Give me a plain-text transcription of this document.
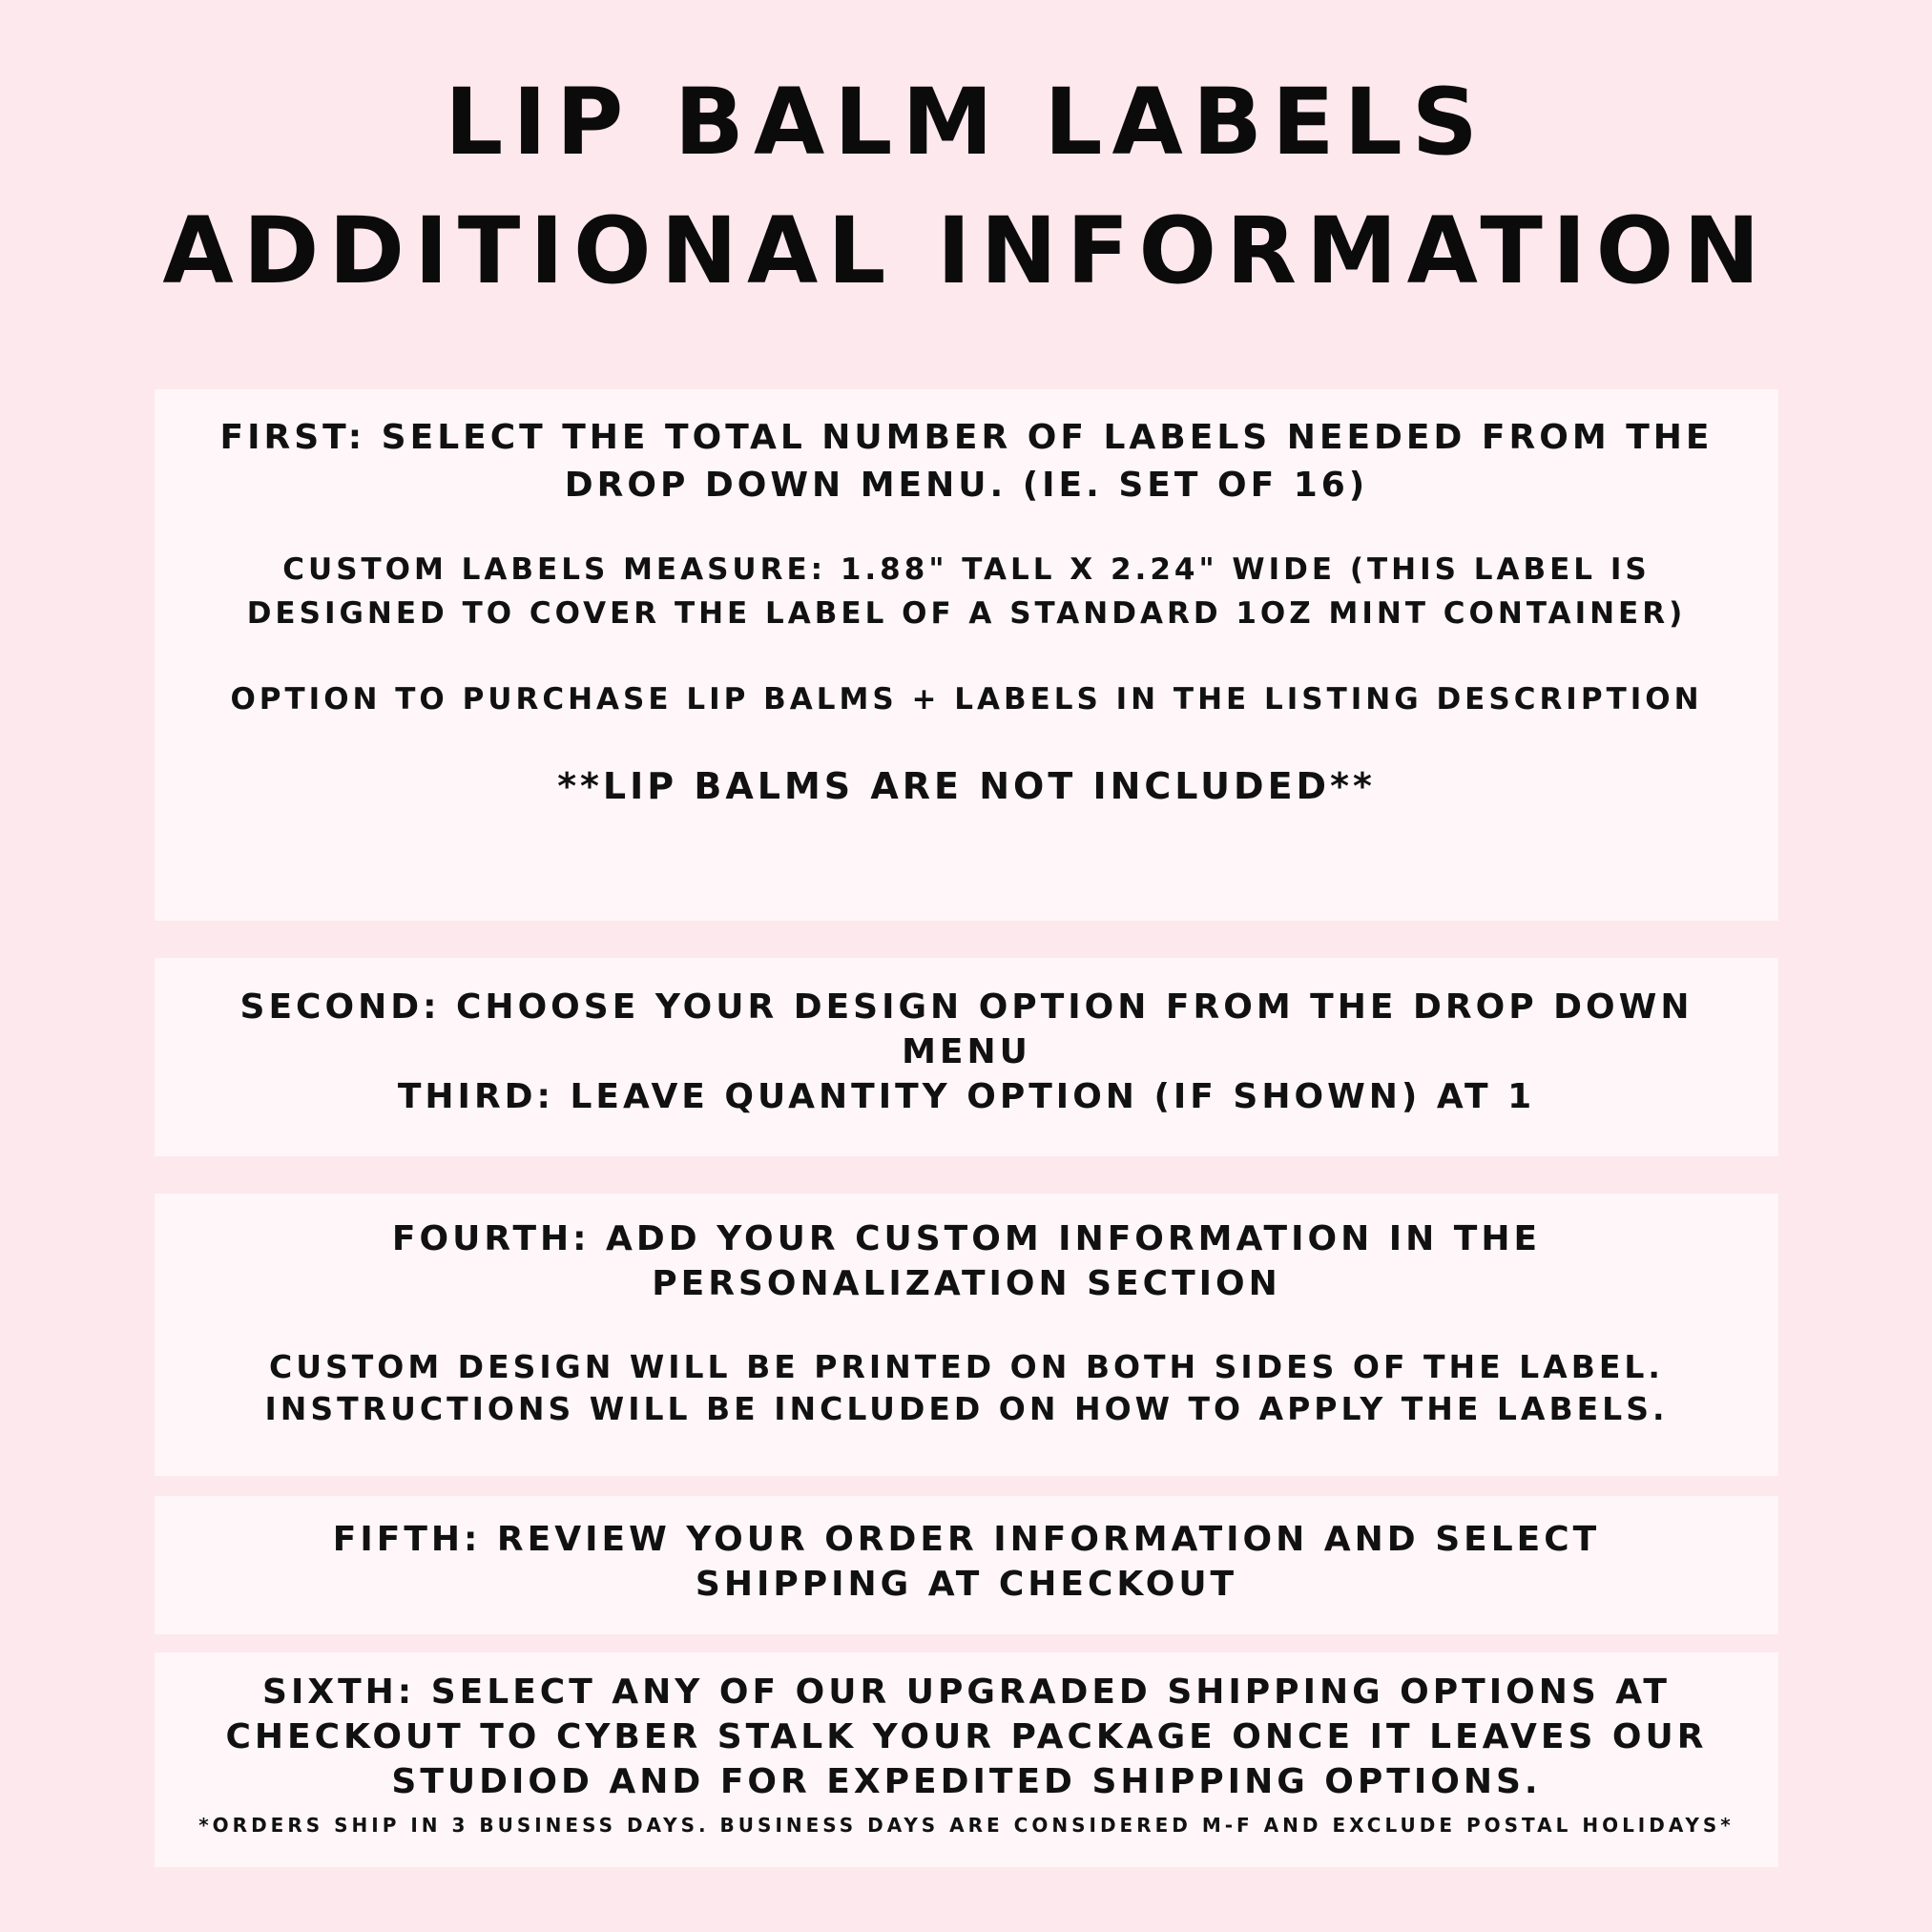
LIP BALM LABELS
ADDITIONAL INFORMATION

FIRST: SELECT THE TOTAL NUMBER OF LABELS NEEDED FROM THE
DROP DOWN MENU. (IE. SET OF 16)

CUSTOM LABELS MEASURE: 1.88" TALL X 2.24" WIDE (THIS LABEL IS
DESIGNED TO COVER THE LABEL OF A STANDARD 1OZ MINT CONTAINER)

OPTION TO PURCHASE LIP BALMS + LABELS IN THE LISTING DESCRIPTION

**LIP BALMS ARE NOT INCLUDED**

SECOND: CHOOSE YOUR DESIGN OPTION FROM THE DROP DOWN
MENU
THIRD: LEAVE QUANTITY OPTION (IF SHOWN) AT 1

FOURTH: ADD YOUR CUSTOM INFORMATION IN THE
PERSONALIZATION SECTION

CUSTOM DESIGN WILL BE PRINTED ON BOTH SIDES OF THE LABEL.
INSTRUCTIONS WILL BE INCLUDED ON HOW TO APPLY THE LABELS.

FIFTH: REVIEW YOUR ORDER INFORMATION AND SELECT
SHIPPING AT CHECKOUT

SIXTH: SELECT ANY OF OUR UPGRADED SHIPPING OPTIONS AT
CHECKOUT TO CYBER STALK YOUR PACKAGE ONCE IT LEAVES OUR
STUDIOD AND FOR EXPEDITED SHIPPING OPTIONS.

*ORDERS SHIP IN 3 BUSINESS DAYS. BUSINESS DAYS ARE CONSIDERED M-F AND EXCLUDE POSTAL HOLIDAYS*
